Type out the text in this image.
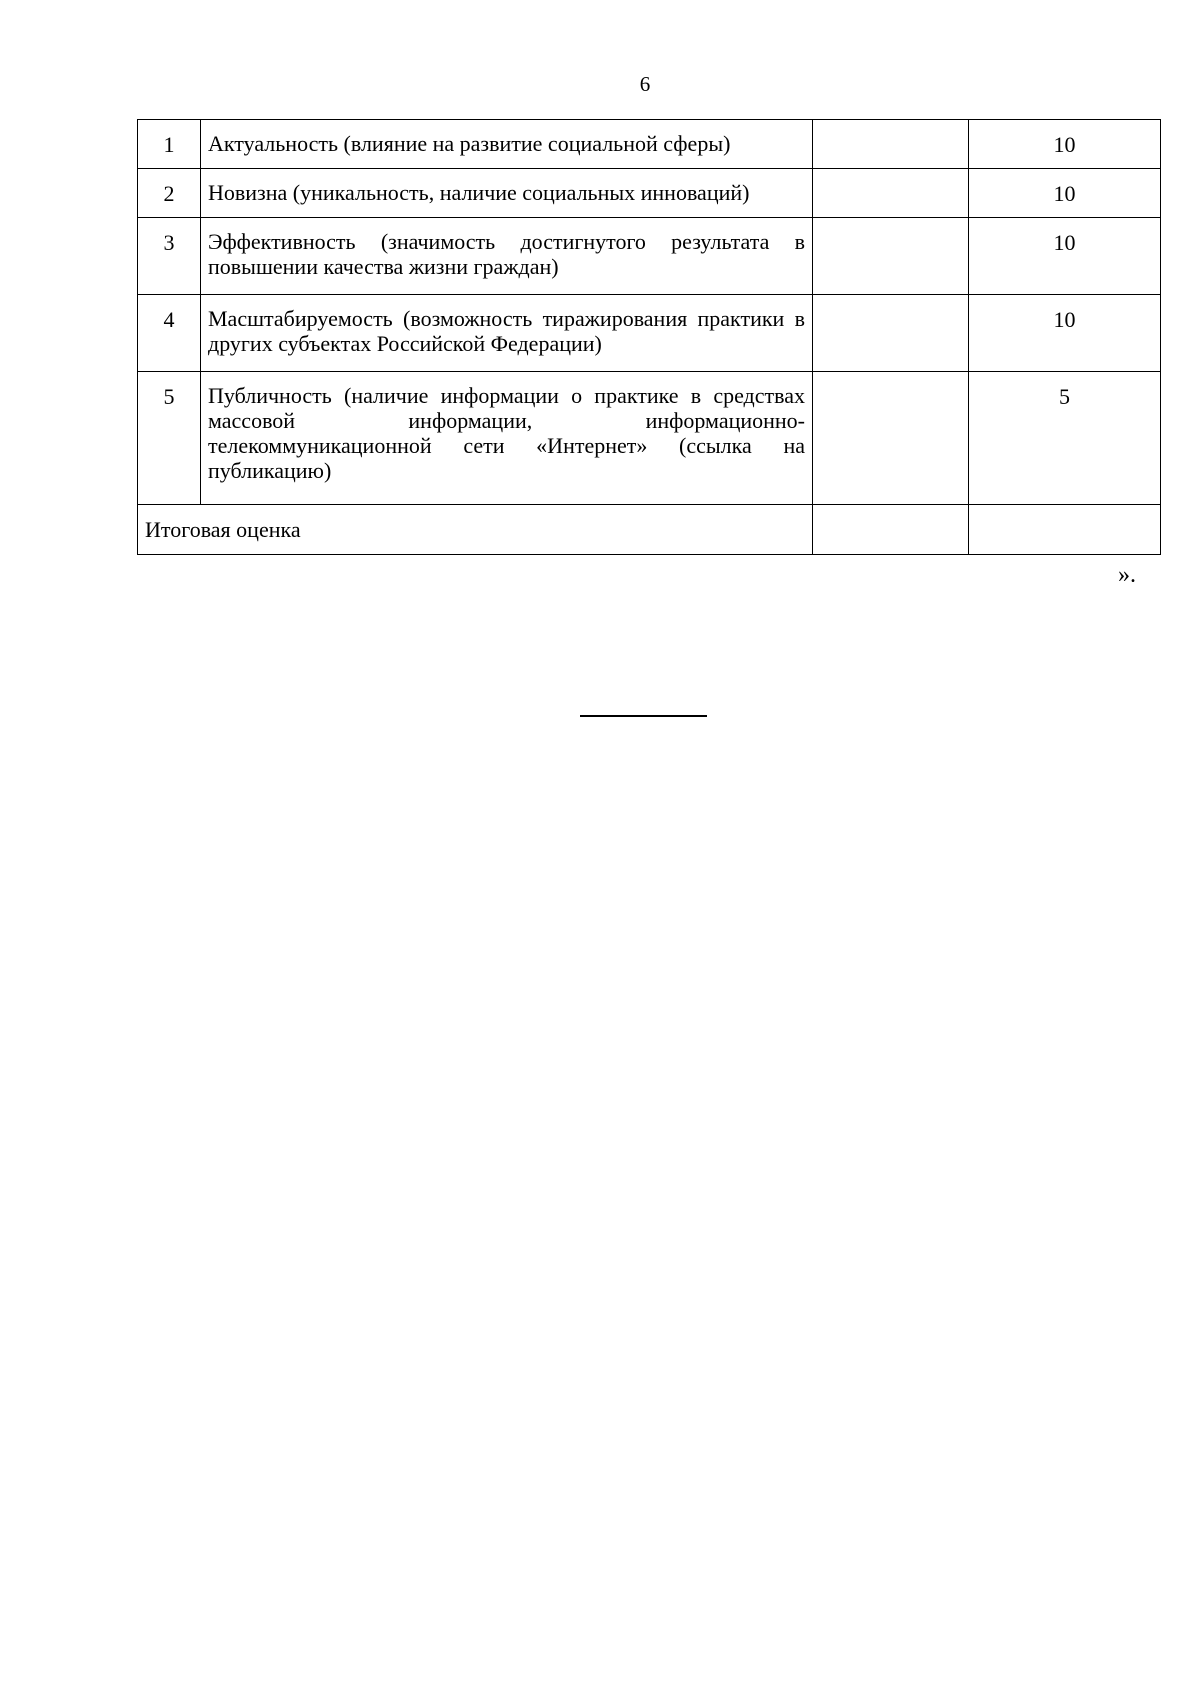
6
1	Актуальность (влияние на развитие социальной сферы)		10
2	Новизна (уникальность, наличие социальных инноваций)		10
3	Эффективность (значимость достигнутого результата в повышении качества жизни граждан)		10
4	Масштабируемость (возможность тиражирования практики в других субъектах Российской Федерации)		10
5	Публичность (наличие информации о практике в средствах массовой информации, информационно-телекоммуникационной сети «Интернет» (ссылка на публикацию)		5
Итоговая оценка			
».
